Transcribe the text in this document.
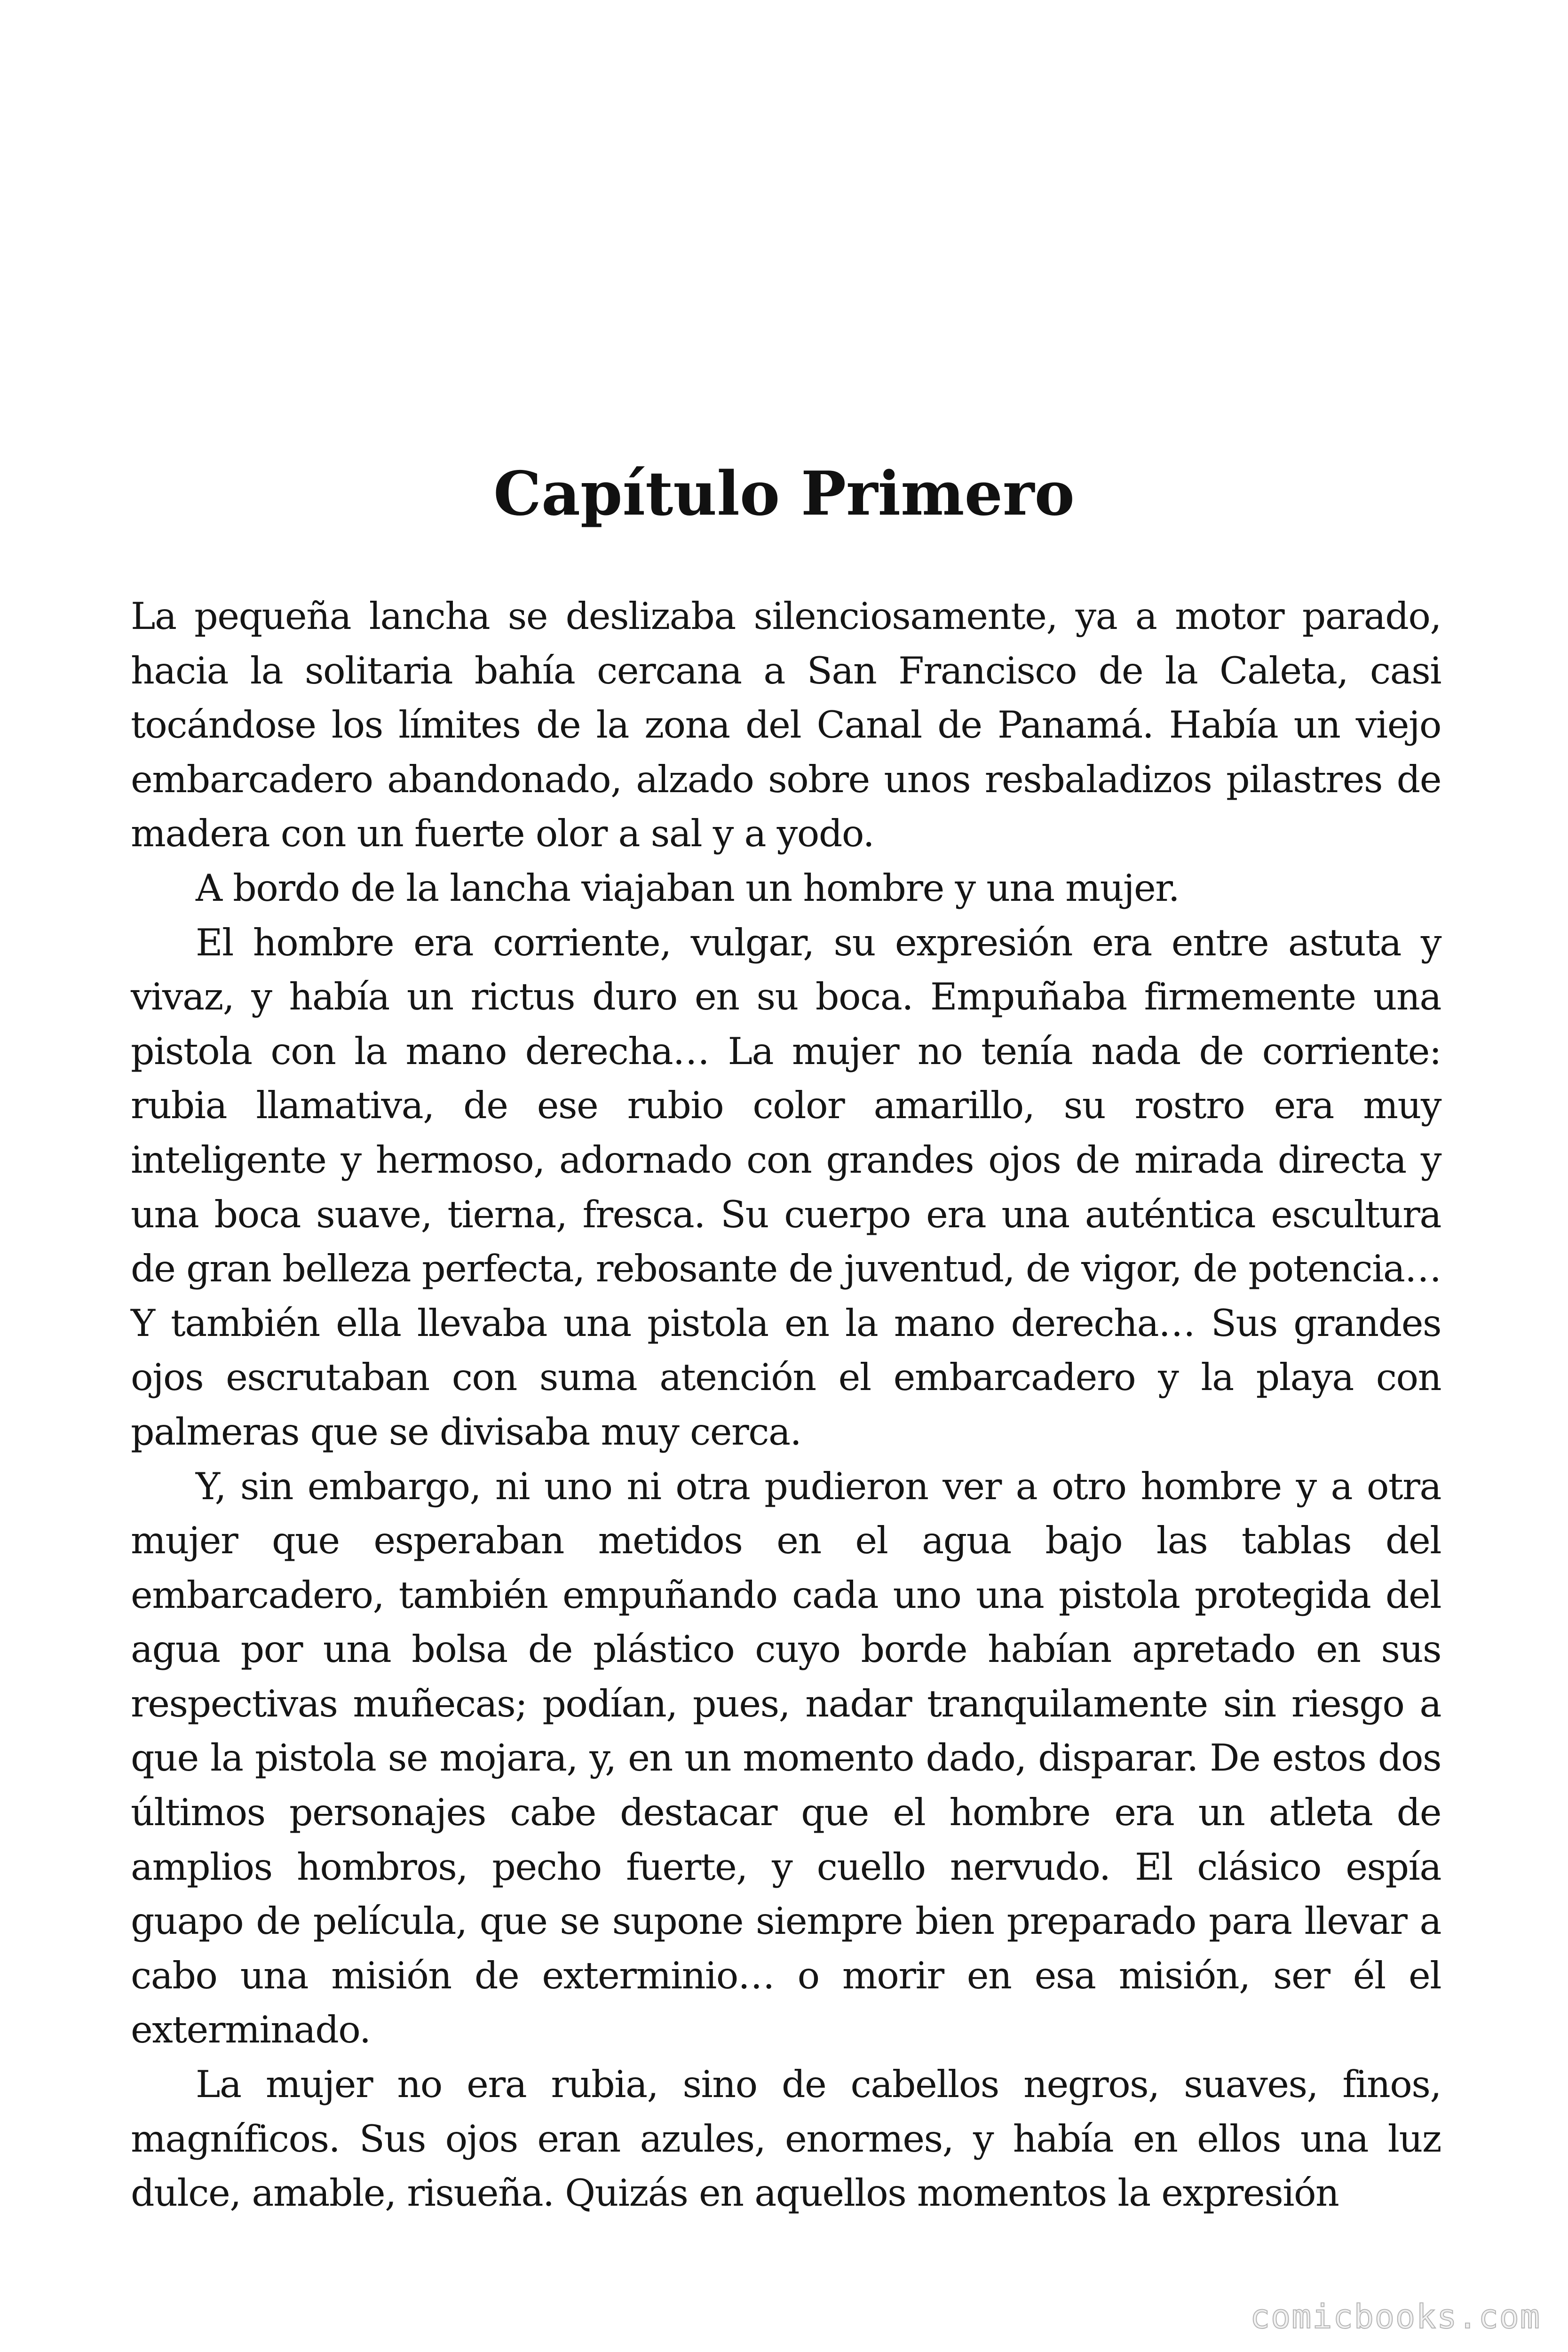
Capítulo Primero

La pequeña lancha se deslizaba silenciosamente, ya a motor parado, hacia la solitaria bahía cercana a San Francisco de la Caleta, casi tocándose los límites de la zona del Canal de Panamá. Había un viejo embarcadero abandonado, alzado sobre unos resbaladizos pilastres de madera con un fuerte olor a sal y a yodo.

A bordo de la lancha viajaban un hombre y una mujer.

El hombre era corriente, vulgar, su expresión era entre astuta y vivaz, y había un rictus duro en su boca. Empuñaba firmemente una pistola con la mano derecha… La mujer no tenía nada de corriente: rubia llamativa, de ese rubio color amarillo, su rostro era muy inteligente y hermoso, adornado con grandes ojos de mirada directa y una boca suave, tierna, fresca. Su cuerpo era una auténtica escultura de gran belleza perfecta, rebosante de juventud, de vigor, de potencia… Y también ella llevaba una pistola en la mano derecha… Sus grandes ojos escrutaban con suma atención el embarcadero y la playa con palmeras que se divisaba muy cerca.

Y, sin embargo, ni uno ni otra pudieron ver a otro hombre y a otra mujer que esperaban metidos en el agua bajo las tablas del embarcadero, también empuñando cada uno una pistola protegida del agua por una bolsa de plástico cuyo borde habían apretado en sus respectivas muñecas; podían, pues, nadar tranquilamente sin riesgo a que la pistola se mojara, y, en un momento dado, disparar. De estos dos últimos personajes cabe destacar que el hombre era un atleta de amplios hombros, pecho fuerte, y cuello nervudo. El clásico espía guapo de película, que se supone siempre bien preparado para llevar a cabo una misión de exterminio… o morir en esa misión, ser él el exterminado.

La mujer no era rubia, sino de cabellos negros, suaves, finos, magníficos. Sus ojos eran azules, enormes, y había en ellos una luz dulce, amable, risueña. Quizás en aquellos momentos la expresión

comicbooks.com
